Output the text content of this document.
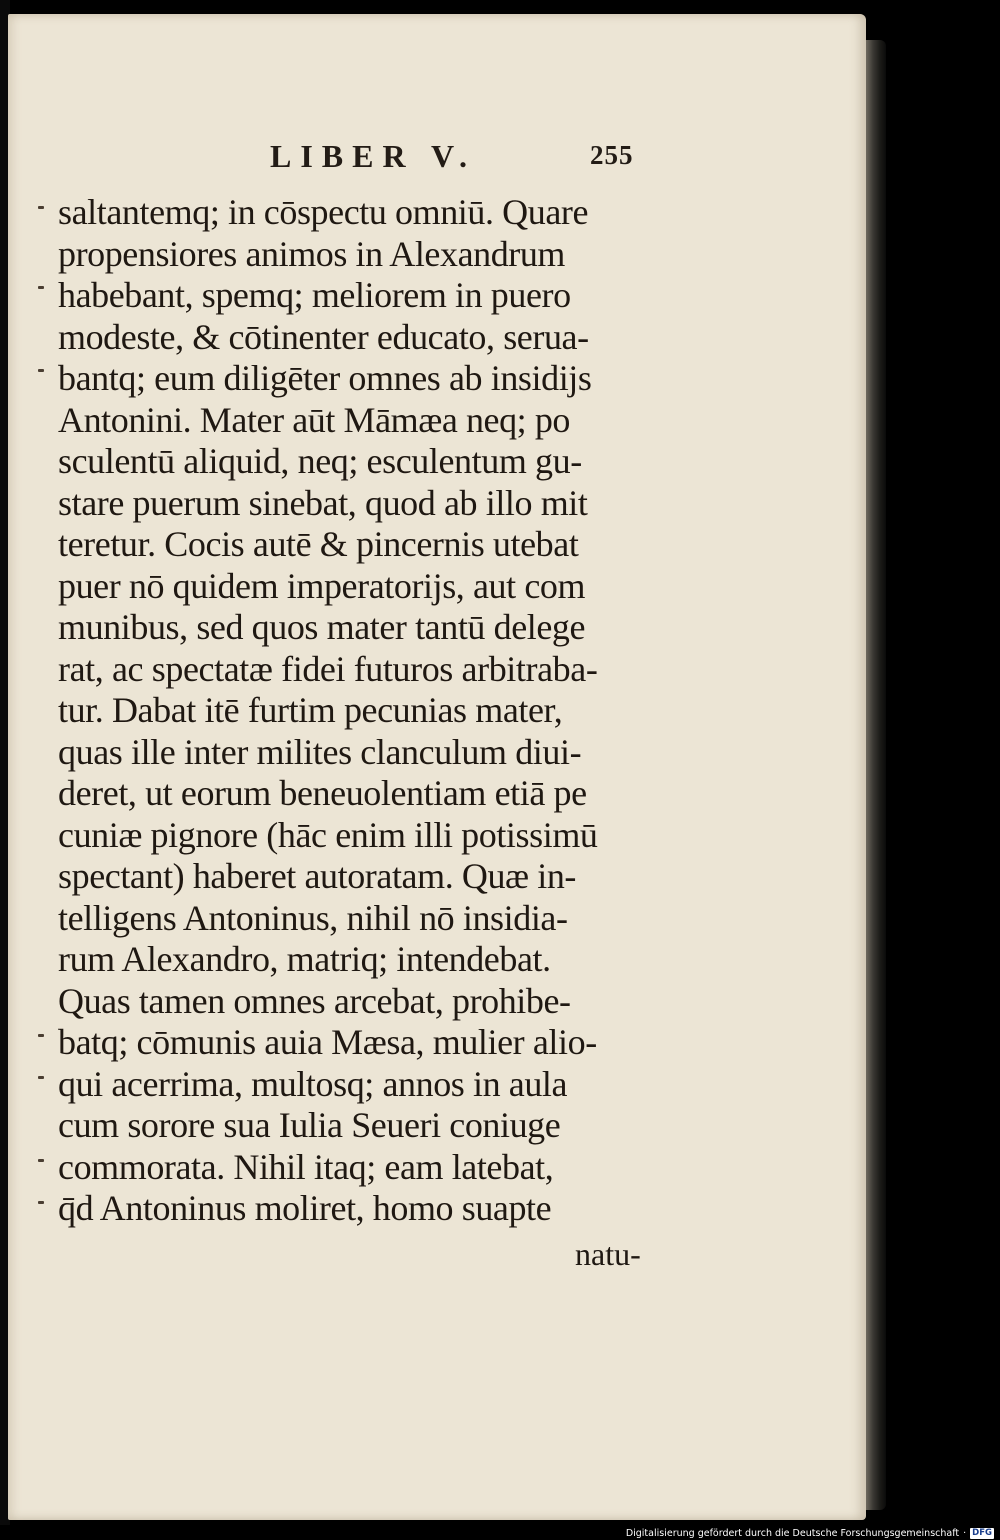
LIBER V.	255
saltantemq; in cōspectu omniū. Quare
propensiores animos in Alexandrum
habebant, spemq; meliorem in puero
modeste, & cōtinenter educato, serua-
bantq; eum diligēter omnes ab insidijs
Antonini. Mater aūt Māmæa neq; po
sculentū aliquid, neq; esculentum gu-
stare puerum sinebat, quod ab illo mit
teretur. Cocis autē & pincernis utebat
puer nō quidem imperatorijs, aut com
munibus, sed quos mater tantū delege
rat, ac spectatæ fidei futuros arbitraba-
tur. Dabat itē furtim pecunias mater,
quas ille inter milites clanculum diui-
deret, ut eorum beneuolentiam etiā pe
cuniæ pignore (hāc enim illi potissimū
spectant) haberet autoratam. Quæ in-
telligens Antoninus, nihil nō insidia-
rum Alexandro, matriq; intendebat.
Quas tamen omnes arcebat, prohibe-
batq; cōmunis auia Mæsa, mulier alio-
qui acerrima, multosq; annos in aula
cum sorore sua Iulia Seueri coniuge
commorata. Nihil itaq; eam latebat,
q̄d Antoninus moliret, homo suapte
natu-
Digitalisierung gefördert durch die Deutsche Forschungsgemeinschaft · DFG
